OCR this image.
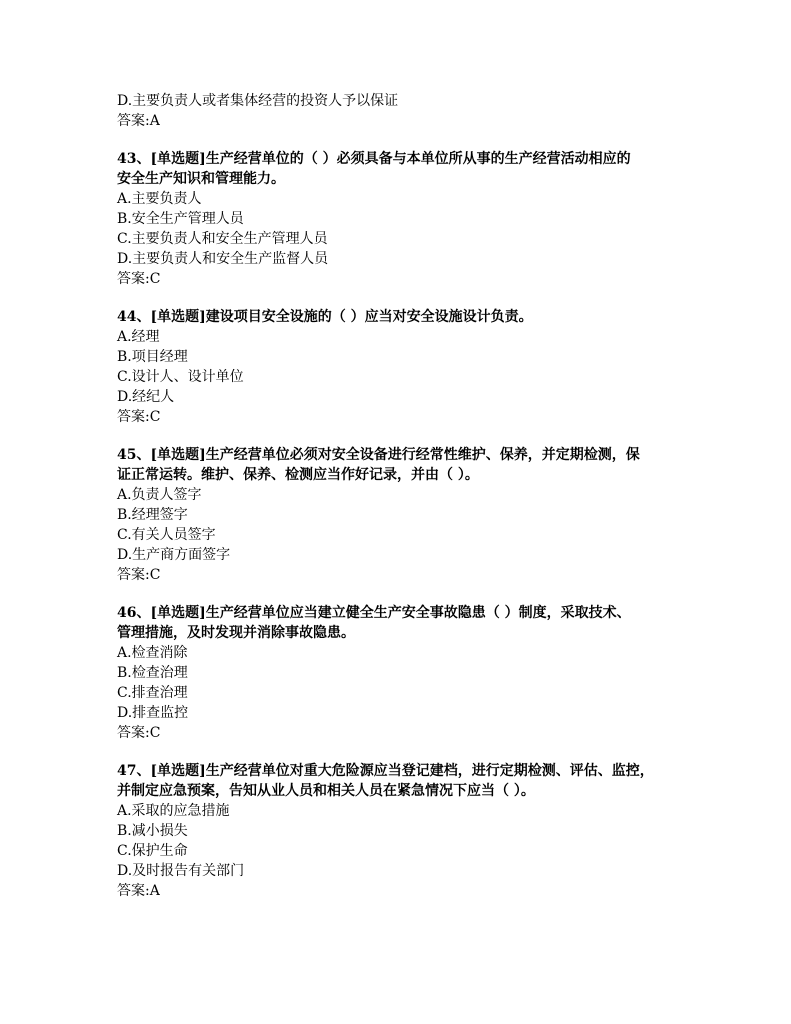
D.主要负责人或者集体经营的投资人予以保证
答案:A
43、[单选题]生产经营单位的（ ）必须具备与本单位所从事的生产经营活动相应的
安全生产知识和管理能力。
A.主要负责人
B.安全生产管理人员
C.主要负责人和安全生产管理人员
D.主要负责人和安全生产监督人员
答案:C
44、[单选题]建设项目安全设施的（ ）应当对安全设施设计负责。
A.经理
B.项目经理
C.设计人、设计单位
D.经纪人
答案:C
45、[单选题]生产经营单位必须对安全设备进行经常性维护、保养，并定期检测，保
证正常运转。维护、保养、检测应当作好记录，并由（ ）。
A.负责人签字
B.经理签字
C.有关人员签字
D.生产商方面签字
答案:C
46、[单选题]生产经营单位应当建立健全生产安全事故隐患（ ）制度，采取技术、
管理措施，及时发现并消除事故隐患。
A.检查消除
B.检查治理
C.排查治理
D.排查监控
答案:C
47、[单选题]生产经营单位对重大危险源应当登记建档，进行定期检测、评估、监控，
并制定应急预案，告知从业人员和相关人员在紧急情况下应当（ ）。
A.采取的应急措施
B.减小损失
C.保护生命
D.及时报告有关部门
答案:A
